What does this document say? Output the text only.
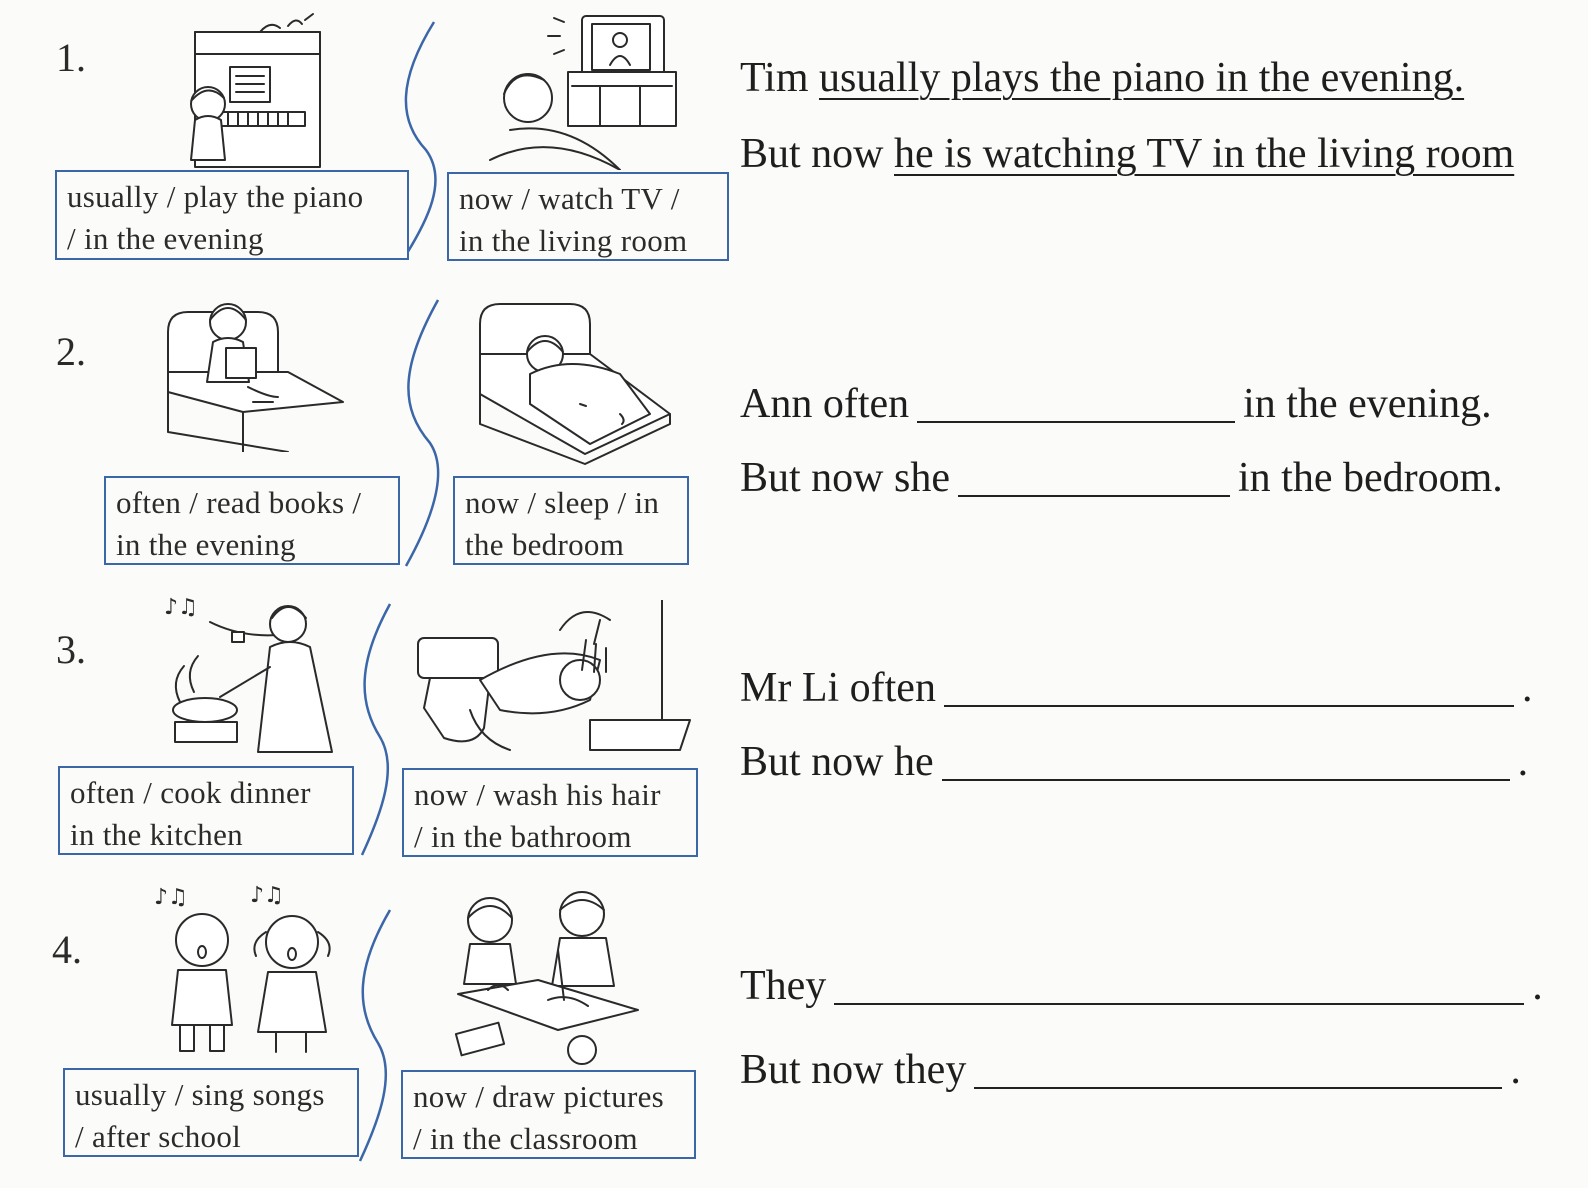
1.
usually / play the piano
/ in the evening
now / watch TV /
in the living room
Tim
usually plays the piano in the evening.
But now
he is watching TV in the living room
2.
often / read books /
in the evening
now / sleep / in
the bedroom
Ann often	in the evening.
But now she	in the bedroom.
3.
♪♫
often / cook dinner
in the kitchen
now / wash his hair
/ in the bathroom
Mr Li often	.
But now he	.
4.
♪♫	♪♫
usually / sing songs
/ after school
now / draw pictures
/ in the classroom
They	.
But now they	.
